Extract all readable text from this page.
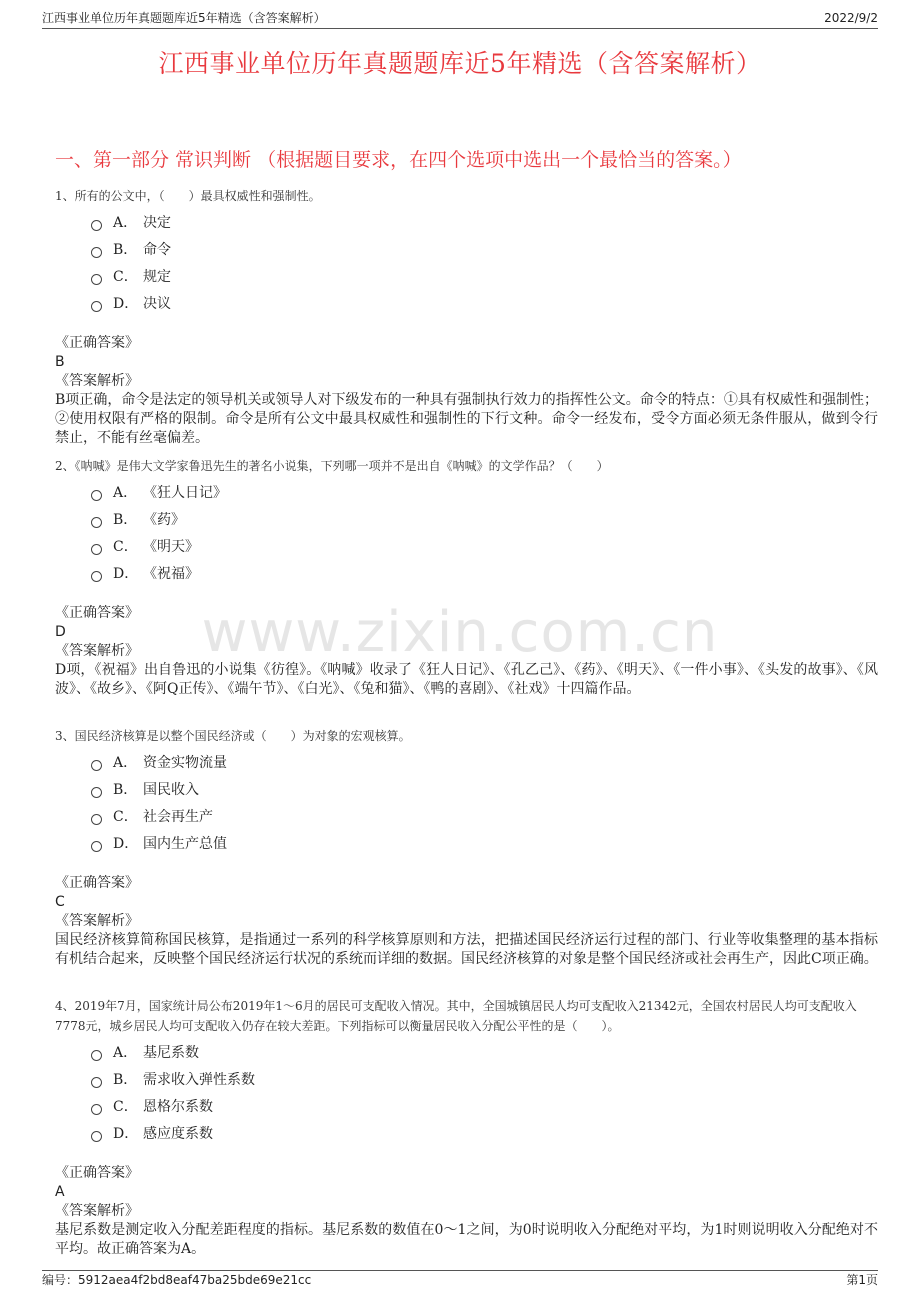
江西事业单位历年真题题库近5年精选（含答案解析）	2022/9/2
江西事业单位历年真题题库近5年精选（含答案解析）
一、第一部分 常识判断 （根据题目要求，在四个选项中选出一个最恰当的答案。）
www.zixin.com.cn
1、所有的公文中，（　　）最具权威性和强制性。
A． 决定
B． 命令
C． 规定
D． 决议
《正确答案》
B
《答案解析》
B项正确，命令是法定的领导机关或领导人对下级发布的一种具有强制执行效力的指挥性公文。命令的特点：①具有权威性和强制性；②使用权限有严格的限制。命令是所有公文中最具权威性和强制性的下行文种。命令一经发布，受令方面必须无条件服从，做到令行禁止，不能有丝毫偏差。
2、《呐喊》是伟大文学家鲁迅先生的著名小说集，下列哪一项并不是出自《呐喊》的文学作品？（　　）
A． 《狂人日记》
B． 《药》
C． 《明天》
D． 《祝福》
《正确答案》
D
《答案解析》
D项，《祝福》出自鲁迅的小说集《彷徨》。《呐喊》收录了《狂人日记》、《孔乙己》、《药》、《明天》、《一件小事》、《头发的故事》、《风波》、《故乡》、《阿Q正传》、《端午节》、《白光》、《兔和猫》、《鸭的喜剧》、《社戏》十四篇作品。
3、国民经济核算是以整个国民经济或（　　）为对象的宏观核算。
A． 资金实物流量
B． 国民收入
C． 社会再生产
D． 国内生产总值
《正确答案》
C
《答案解析》
国民经济核算简称国民核算，是指通过一系列的科学核算原则和方法，把描述国民经济运行过程的部门、行业等收集整理的基本指标有机结合起来，反映整个国民经济运行状况的系统而详细的数据。国民经济核算的对象是整个国民经济或社会再生产，因此C项正确。
4、2019年7月，国家统计局公布2019年1～6月的居民可支配收入情况。其中，全国城镇居民人均可支配收入21342元，全国农村居民人均可支配收入7778元，城乡居民人均可支配收入仍存在较大差距。下列指标可以衡量居民收入分配公平性的是（　　）。
A． 基尼系数
B． 需求收入弹性系数
C． 恩格尔系数
D． 感应度系数
《正确答案》
A
《答案解析》
基尼系数是测定收入分配差距程度的指标。基尼系数的数值在0～1之间，为0时说明收入分配绝对平均，为1时则说明收入分配绝对不平均。故正确答案为A。
编号：5912aea4f2bd8eaf47ba25bde69e21cc	第1页
